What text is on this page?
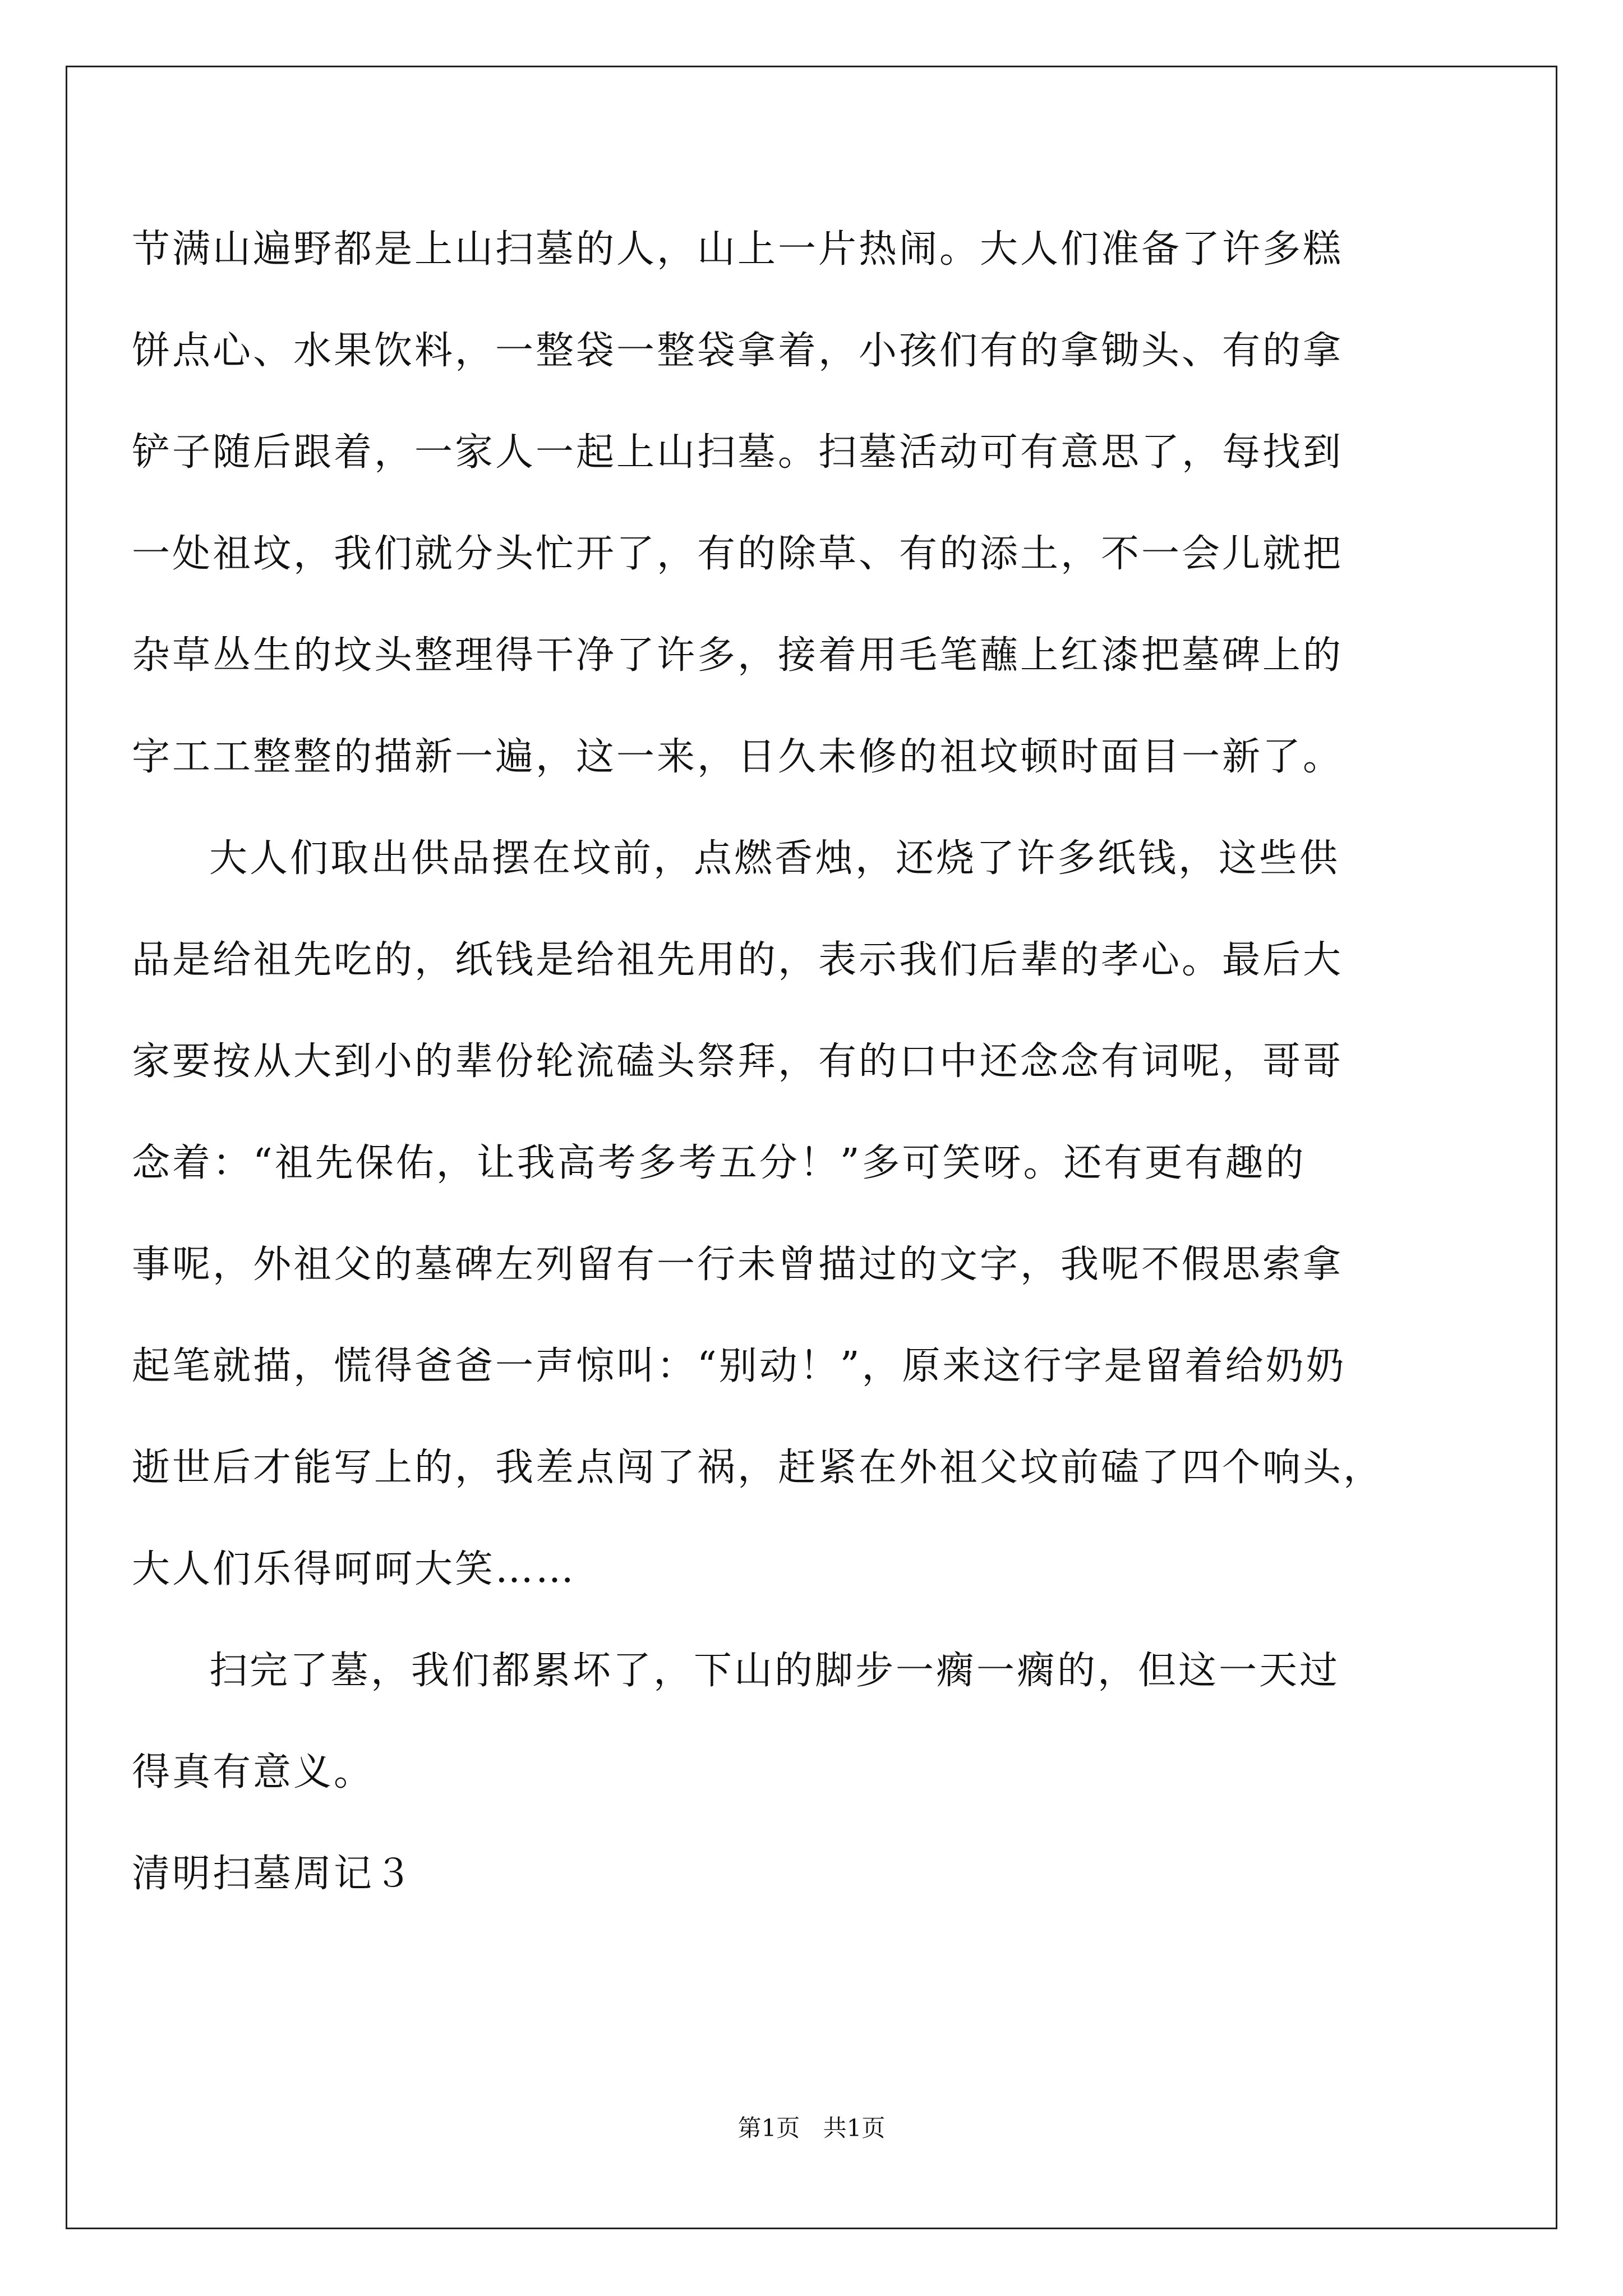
节满山遍野都是上山扫墓的人，山上一片热闹。大人们准备了许多糕
饼点心、水果饮料，一整袋一整袋拿着，小孩们有的拿锄头、有的拿
铲子随后跟着，一家人一起上山扫墓。扫墓活动可有意思了，每找到
一处祖坟，我们就分头忙开了，有的除草、有的添土，不一会儿就把
杂草丛生的坟头整理得干净了许多，接着用毛笔蘸上红漆把墓碑上的
字工工整整的描新一遍，这一来，日久未修的祖坟顿时面目一新了。
大人们取出供品摆在坟前，点燃香烛，还烧了许多纸钱，这些供
品是给祖先吃的，纸钱是给祖先用的，表示我们后辈的孝心。最后大
家要按从大到小的辈份轮流磕头祭拜，有的口中还念念有词呢，哥哥
念着：“祖先保佑，让我高考多考五分！”多可笑呀。还有更有趣的
事呢，外祖父的墓碑左列留有一行未曾描过的文字，我呢不假思索拿
起笔就描，慌得爸爸一声惊叫：“别动！”，原来这行字是留着给奶奶
逝世后才能写上的，我差点闯了祸，赶紧在外祖父坟前磕了四个响头，
大人们乐得呵呵大笑……
扫完了墓，我们都累坏了，下山的脚步一瘸一瘸的，但这一天过
得真有意义。
清明扫墓周记３
第1页 共1页
